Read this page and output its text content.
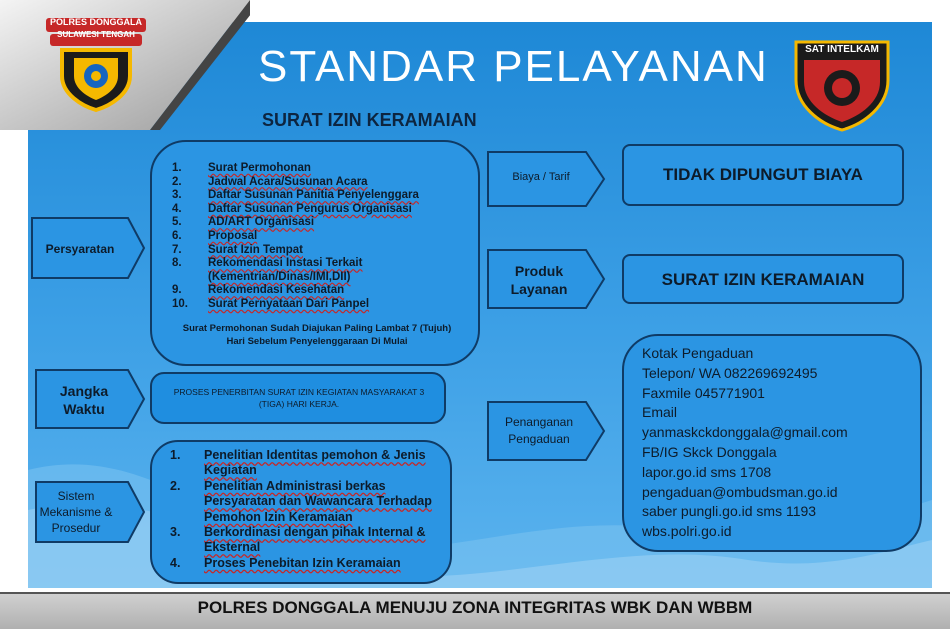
POLRES DONGGALA
SULAWESI TENGAH
SAT INTELKAM
STANDAR PELAYANAN
SURAT IZIN KERAMAIAN
Persyaratan
1.	Surat Permohonan
2.	Jadwal Acara/Susunan Acara
3.	Daftar Susunan Panitia Penyelenggara
4.	Daftar Susunan Pengurus Organisasi
5.	AD/ART Organisasi
6.	Proposal
7.	Surat Izin Tempat
8.	Rekomendasi Instasi Terkait (Kementrian/Dinas/IMI,DII)
9.	Rekomendasi Kesehatan
10.	Surat Pernyataan Dari Panpel
Surat Permohonan Sudah Diajukan Paling Lambat 7 (Tujuh) Hari Sebelum Penyelenggaraan Di Mulai
Jangka Waktu
PROSES PENERBITAN SURAT IZIN KEGIATAN MASYARAKAT 3 (TIGA) HARI KERJA.
Sistem Mekanisme & Prosedur
1.	Penelitian Identitas pemohon & Jenis Kegiatan
2.	Penelitian Administrasi berkas Persyaratan dan Wawancara Terhadap Pemohon Izin Keramaian
3.	Berkordinasi dengan pihak Internal & Eksternal
4.	Proses Penebitan Izin Keramaian
Biaya / Tarif	TIDAK DIPUNGUT BIAYA
Produk Layanan	SURAT IZIN KERAMAIAN
Penanganan Pengaduan
Kotak Pengaduan
Telepon/ WA 082269692495
Faxmile 045771901
Email
yanmaskckdonggala@gmail.com
FB/IG Skck Donggala
lapor.go.id sms 1708
pengaduan@ombudsman.go.id
saber pungli.go.id sms 1193
wbs.polri.go.id
POLRES DONGGALA MENUJU ZONA INTEGRITAS WBK DAN WBBM
